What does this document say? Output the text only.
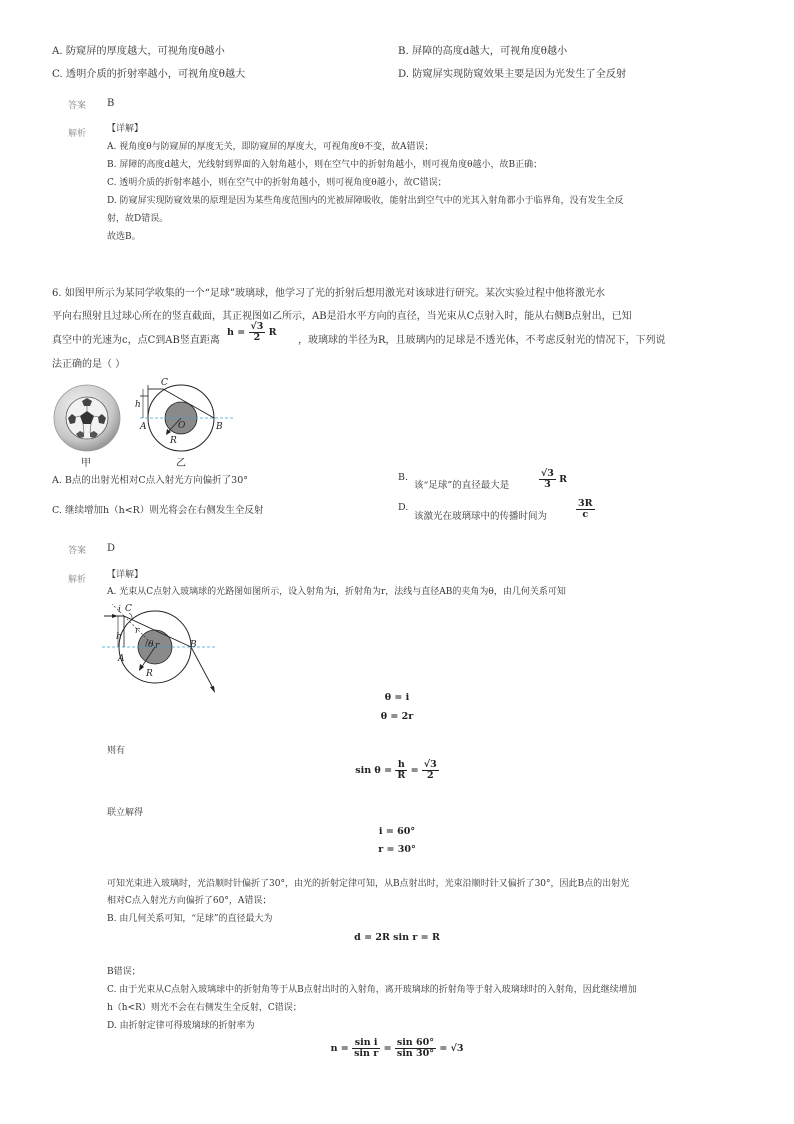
A. 防窥屏的厚度越大，可视角度θ越小	B. 屏障的高度d越大，可视角度θ越小
C. 透明介质的折射率越小，可视角度θ越大	D. 防窥屏实现防窥效果主要是因为光发生了全反射
答案 B
解析 【详解】
A. 视角度θ与防窥屏的厚度无关，即防窥屏的厚度大，可视角度θ不变，故A错误；
B. 屏障的高度d越大，光线射到界面的入射角越小，则在空气中的折射角越小，则可视角度θ越小，故B正确；
C. 透明介质的折射率越小，则在空气中的折射角越小，则可视角度θ越小，故C错误；
D. 防窥屏实现防窥效果的原理是因为某些角度范围内的光被屏障吸收，能射出到空气中的光其入射角都小于临界角，没有发生全反
射，故D错误。
故选B。
6. 如图甲所示为某同学收集的一个“足球”玻璃球，他学习了光的折射后想用激光对该球进行研究。某次实验过程中他将激光水
平向右照射且过球心所在的竖直截面，其正视图如乙所示，AB是沿水平方向的直径，当光束从C点射入时，能从右侧B点射出，已知
真空中的光速为c，点C到AB竖直距离
$h = \frac{√3}{2}$ R
，玻璃球的半径为R，且玻璃内的足球是不透光体，不考虑反射光的情况下，下列说
法正确的是（ ）
甲
C
h
A	O	B
R
乙
A. B点的出射光相对C点入射光方向偏折了30°	B.
该“足球”的直径最大是	$\frac{√3}{3}$ R
C. 继续增加h（h<R）则光将会在右侧发生全反射	D.
该激光在玻璃球中的传播时间为	$\frac{3R}{c}$
答案 D
解析 【详解】
A. 光束从C点射入玻璃球的光路图如图所示，设入射角为i，折射角为r，法线与直径AB的夹角为θ，由几何关系可知
i C
r
h
θ r	B
A
R
θ = i
θ = 2r
则有
$\sin \theta = \frac{h}{R} = \frac{√3}{2}$
联立解得
i = 60°
r = 30°
可知光束进入玻璃时，光沿顺时针偏折了30°，由光的折射定律可知，从B点射出时，光束沿顺时针又偏折了30°，因此B点的出射光
相对C点入射光方向偏折了60°，A错误；
B. 由几何关系可知，“足球”的直径最大为
d = 2R sin r = R
B错误；
C. 由于光束从C点射入玻璃球中的折射角等于从B点射出时的入射角，离开玻璃球的折射角等于射入玻璃球时的入射角，因此继续增加
h（h<R）则光不会在右侧发生全反射，C错误；
D. 由折射定律可得玻璃球的折射率为
$n = \frac{\text{sin i}}{\text{sin r}} = \frac{\sin 60^\circ}{\sin 30^\circ} = √3$
